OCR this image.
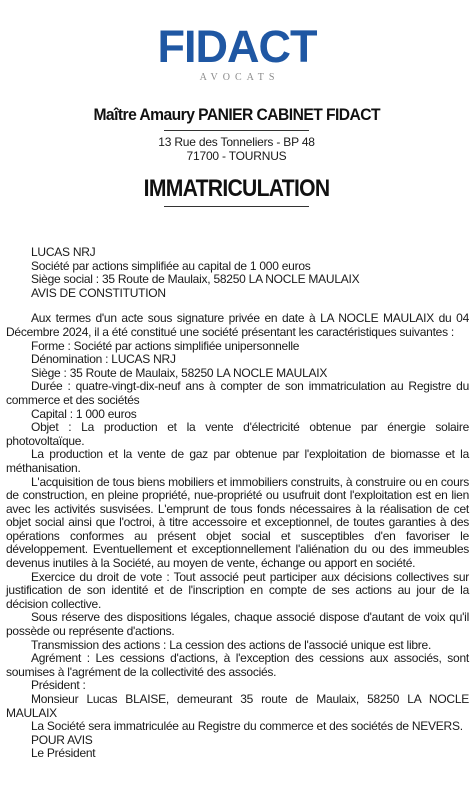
FIDACT
AVOCATS
Maître Amaury PANIER CABINET FIDACT
13 Rue des Tonneliers - BP 48
71700 - TOURNUS
IMMATRICULATION
LUCAS NRJ
Société par actions simplifiée au capital de 1 000 euros
Siège social : 35 Route de Maulaix, 58250 LA NOCLE MAULAIX
AVIS DE CONSTITUTION

Aux termes d'un acte sous signature privée en date à LA NOCLE MAULAIX du 04 Décembre 2024, il a été constitué une société présentant les caractéristiques suivantes :

Forme : Société par actions simplifiée unipersonnelle

Dénomination : LUCAS NRJ

Siège : 35 Route de Maulaix, 58250 LA NOCLE MAULAIX

Durée : quatre-vingt-dix-neuf ans à compter de son immatriculation au Registre du commerce et des sociétés

Capital : 1 000 euros

Objet : La production et la vente d'électricité obtenue par énergie solaire photovoltaïque.

La production et la vente de gaz par obtenue par l'exploitation de biomasse et la méthanisation.

L'acquisition de tous biens mobiliers et immobiliers construits, à construire ou en cours de construction, en pleine propriété, nue-propriété ou usufruit dont l'exploitation est en lien avec les activités susvisées. L'emprunt de tous fonds nécessaires à la réalisation de cet objet social ainsi que l'octroi, à titre accessoire et exceptionnel, de toutes garanties à des opérations conformes au présent objet social et susceptibles d'en favoriser le développement. Eventuellement et exceptionnellement l'aliénation du ou des immeubles devenus inutiles à la Société, au moyen de vente, échange ou apport en société.

Exercice du droit de vote : Tout associé peut participer aux décisions collectives sur justification de son identité et de l'inscription en compte de ses actions au jour de la décision collective.

Sous réserve des dispositions légales, chaque associé dispose d'autant de voix qu'il possède ou représente d'actions.

Transmission des actions : La cession des actions de l'associé unique est libre.

Agrément : Les cessions d'actions, à l'exception des cessions aux associés, sont soumises à l'agrément de la collectivité des associés.

Président :

Monsieur Lucas BLAISE, demeurant 35 route de Maulaix, 58250 LA NOCLE MAULAIX

La Société sera immatriculée au Registre du commerce et des sociétés de NEVERS.

POUR AVIS
Le Président
